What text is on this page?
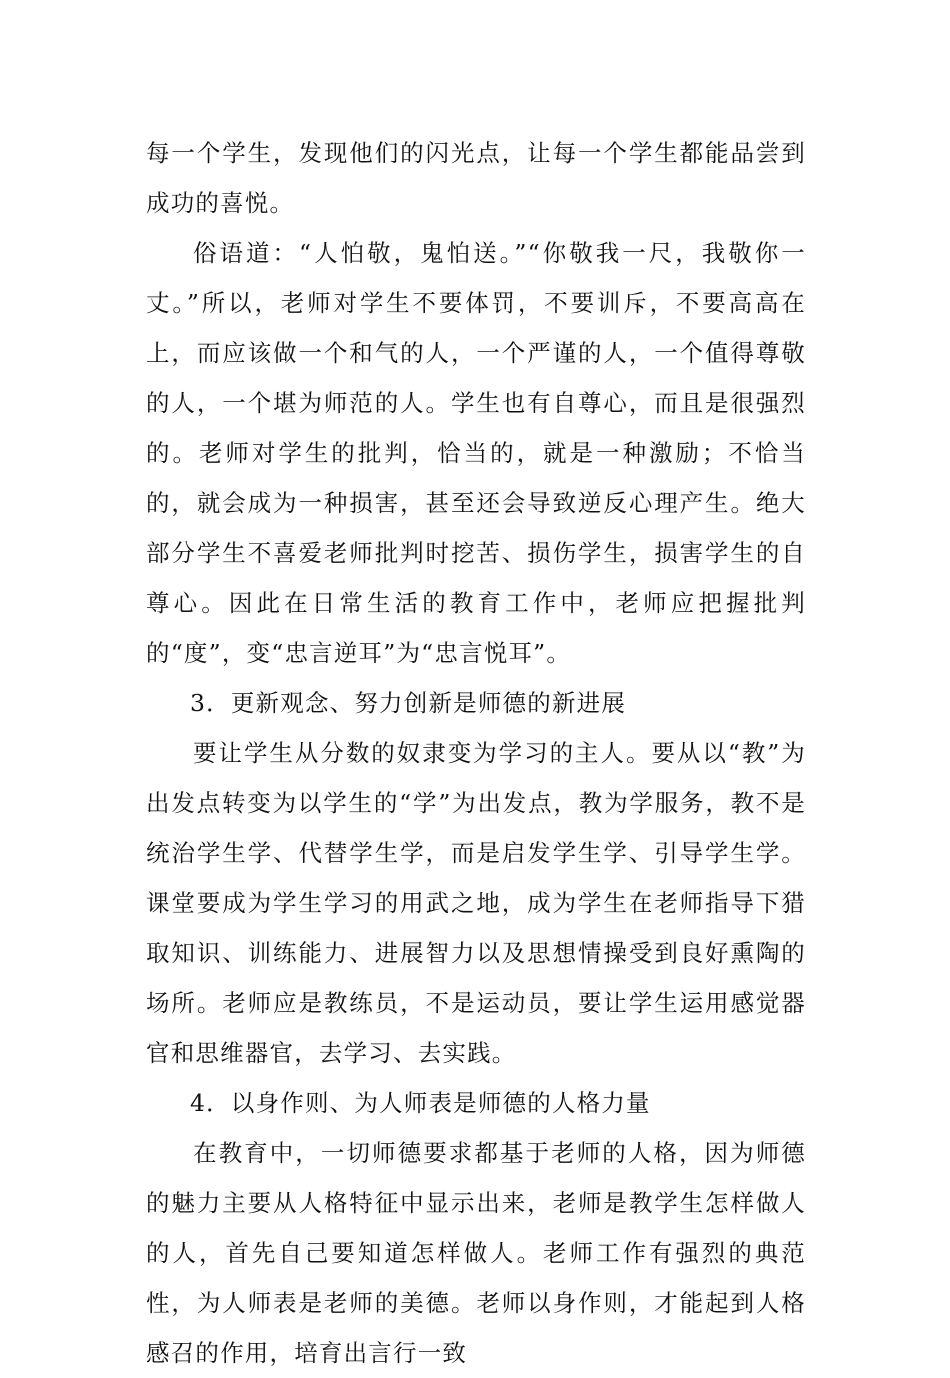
每一个学生，发现他们的闪光点，让每一个学生都能品尝到成功的喜悦。

俗语道：“人怕敬，鬼怕送。”“你敬我一尺，我敬你一丈。”所以，老师对学生不要体罚，不要训斥，不要高高在上，而应该做一个和气的人，一个严谨的人，一个值得尊敬的人，一个堪为师范的人。学生也有自尊心，而且是很强烈的。老师对学生的批判，恰当的，就是一种激励；不恰当的，就会成为一种损害，甚至还会导致逆反心理产生。绝大部分学生不喜爱老师批判时挖苦、损伤学生，损害学生的自尊心。因此在日常生活的教育工作中，老师应把握批判的“度”，变“忠言逆耳”为“忠言悦耳”。

3．更新观念、努力创新是师德的新进展

要让学生从分数的奴隶变为学习的主人。要从以“教”为出发点转变为以学生的“学”为出发点，教为学服务，教不是统治学生学、代替学生学，而是启发学生学、引导学生学。课堂要成为学生学习的用武之地，成为学生在老师指导下猎取知识、训练能力、进展智力以及思想情操受到良好熏陶的场所。老师应是教练员，不是运动员，要让学生运用感觉器官和思维器官，去学习、去实践。

4．以身作则、为人师表是师德的人格力量

在教育中，一切师德要求都基于老师的人格，因为师德的魅力主要从人格特征中显示出来，老师是教学生怎样做人的人，首先自己要知道怎样做人。老师工作有强烈的典范性，为人师表是老师的美德。老师以身作则，才能起到人格感召的作用，培育出言行一致
